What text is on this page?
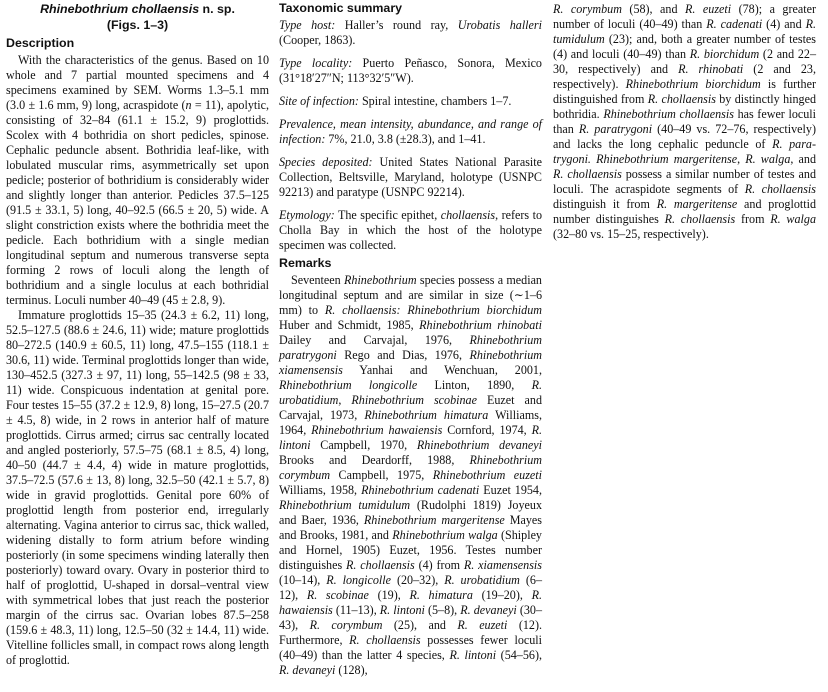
Rhinebothrium chollaensis n. sp.
(Figs. 1–3)
Description

With the characteristics of the genus. Based on 10 whole and 7 partial mounted specimens and 4 specimens examined by SEM. Worms 1.3–5.1 mm (3.0 ± 1.6 mm, 9) long, acraspidote (n = 11), apolytic, consisting of 32–84 (61.1 ± 15.2, 9) proglottids. Scolex with 4 bothridia on short pedicles, spinose. Cephalic peduncle absent. Bothridia leaf-like, with lobulated muscular rims, asymmetrically set upon pedicle; posterior of bothridium is considerably wider and slightly longer than anterior. Pedicles 37.5–125 (91.5 ± 33.1, 5) long, 40–92.5 (66.5 ± 20, 5) wide. A slight constriction exists where the bothridia meet the pedicle. Each bothridium with a single median longitudinal septum and numerous transverse septa forming 2 rows of loculi along the length of bothridium and a single loculus at each bothridial terminus. Loculi number 40–49 (45 ± 2.8, 9).

Immature proglottids 15–35 (24.3 ± 6.2, 11) long, 52.5–127.5 (88.6 ± 24.6, 11) wide; mature proglottids 80–272.5 (140.9 ± 60.5, 11) long, 47.5–155 (118.1 ± 30.6, 11) wide. Terminal proglottids longer than wide, 130–452.5 (327.3 ± 97, 11) long, 55–142.5 (98 ± 33, 11) wide. Conspicuous indentation at genital pore. Four testes 15–55 (37.2 ± 12.9, 8) long, 15–27.5 (20.7 ± 4.5, 8) wide, in 2 rows in anterior half of mature proglottids. Cirrus armed; cirrus sac centrally located and angled posteriorly, 57.5–75 (68.1 ± 8.5, 4) long, 40–50 (44.7 ± 4.4, 4) wide in mature proglottids, 37.5–72.5 (57.6 ± 13, 8) long, 32.5–50 (42.1 ± 5.7, 8) wide in gravid proglottids. Genital pore 60% of proglottid length from posterior end, irregularly alternating. Vagina anterior to cirrus sac, thick walled, widening distally to form atrium before winding posteriorly (in some specimens winding laterally then posteriorly) toward ovary. Ovary in posterior third to half of proglottid, U-shaped in dorsal–ventral view with symmetrical lobes that just reach the posterior margin of the cirrus sac. Ovarian lobes 87.5–258 (159.6 ± 48.3, 11) long, 12.5–50 (32 ± 14.4, 11) wide. Vitelline follicles small, in compact rows along length of proglottid.

Taxonomic summary

Type host: Haller’s round ray, Urobatis halleri (Cooper, 1863).

Type locality: Puerto Peñasco, Sonora, Mexico (31°18′27″N; 113°32′5″W).

Site of infection: Spiral intestine, chambers 1–7.

Prevalence, mean intensity, abundance, and range of infection: 7%, 21.0, 3.8 (±28.3), and 1–41.

Species deposited: United States National Parasite Collection, Beltsville, Maryland, holotype (USNPC 92213) and paratype (USNPC 92214).

Etymology: The specific epithet, chollaensis, refers to Cholla Bay in which the host of the holotype specimen was collected.

Remarks

Seventeen Rhinebothrium species possess a median longitudinal septum and are similar in size (∼1–6 mm) to R. chollaensis: Rhinebothrium biorchidum Huber and Schmidt, 1985, Rhinebothrium rhinobati Dailey and Carvajal, 1976, Rhinebothrium paratrygoni Rego and Dias, 1976, Rhinebothrium xiamensensis Yanhai and Wenchuan, 2001, Rhinebothrium longicolle Linton, 1890, R. urobatidium, Rhinebothrium scobinae Euzet and Carvajal, 1973, Rhinebothrium himatura Williams, 1964, Rhinebothrium hawaiensis Cornford, 1974, R. lintoni Campbell, 1970, Rhinebothrium devaneyi Brooks and Deardorff, 1988, Rhinebothrium corymbum Campbell, 1975, Rhinebothrium euzeti Williams, 1958, Rhinebothrium cadenati Euzet 1954, Rhinebothrium tumidulum (Rudolphi 1819) Joyeux and Baer, 1936, Rhinebothrium margeritense Mayes and Brooks, 1981, and Rhinebothrium walga (Shipley and Hornel, 1905) Euzet, 1956. Testes number distinguishes R. chollaensis (4) from R. xiamensensis (10–14), R. longicolle (20–32), R. urobatidium (6–12), R. scobinae (19), R. himatura (19–20), R. hawaiensis (11–13), R. lintoni (5–8), R. devaneyi (30–43), R. corymbum (25), and R. euzeti (12). Furthermore, R. chollaensis possesses fewer loculi (40–49) than the latter 4 species, R. lintoni (54–56), R. devaneyi (128),

R. corymbum (58), and R. euzeti (78); a greater number of loculi (40–49) than R. cadenati (4) and R. tumidulum (23); and, both a greater number of testes (4) and loculi (40–49) than R. biorchidum (2 and 22–30, respectively) and R. rhinobati (2 and 23, respectively). Rhinebothrium biorchidum is further distinguished from R. chollaensis by distinctly hinged bothridia. Rhinebothrium chollaensis has fewer loculi than R. paratrygoni (40–49 vs. 72–76, respectively) and lacks the long cephalic peduncle of R. paratrygoni. Rhinebothrium margeritense, R. walga, and R. chollaensis possess a similar number of testes and loculi. The acraspidote segments of R. chollaensis distinguish it from R. margeritense and proglottid number distinguishes R. chollaensis from R. walga (32–80 vs. 15–25, respectively).
